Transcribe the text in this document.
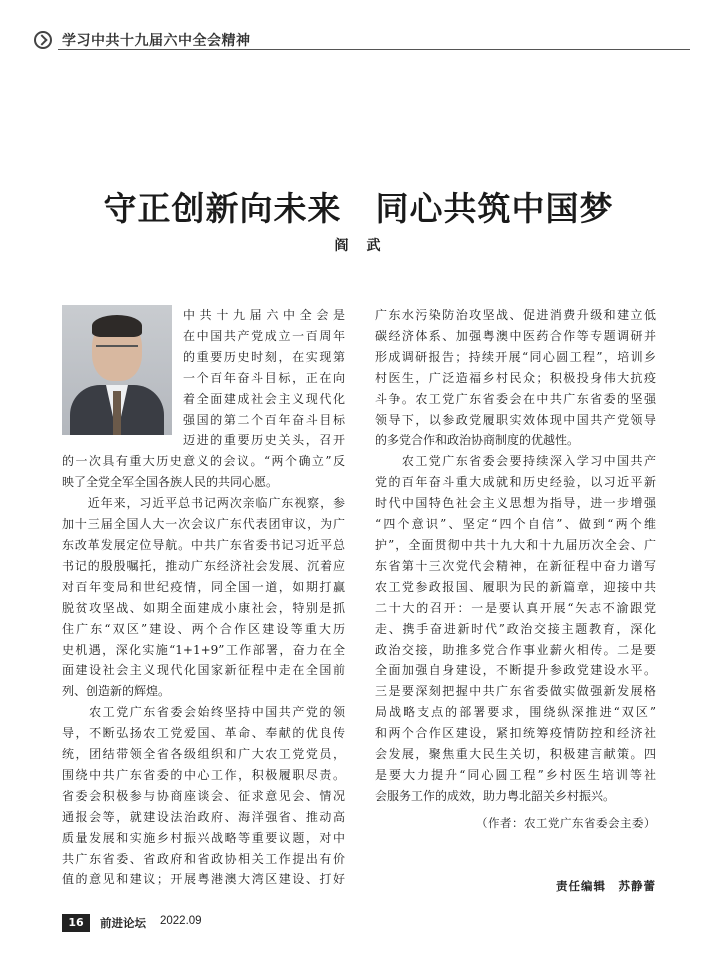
学习中共十九届六中全会精神
守正创新向未来　同心共筑中国梦
阎　武

中共十九届六中全会是

在中国共产党成立一百周年

的重要历史时刻，在实现第

一个百年奋斗目标，正在向

着全面建成社会主义现代化

强国的第二个百年奋斗目标

迈进的重要历史关头，召开

的一次具有重大历史意义的会议。“两个确立”反

映了全党全军全国各族人民的共同心愿。

　　近年来，习近平总书记两次亲临广东视察，参

加十三届全国人大一次会议广东代表团审议，为广

东改革发展定位导航。中共广东省委书记习近平总

书记的殷殷嘱托，推动广东经济社会发展、沉着应

对百年变局和世纪疫情，同全国一道，如期打赢

脱贫攻坚战、如期全面建成小康社会，特别是抓

住广东“双区”建设、两个合作区建设等重大历

史机遇，深化实施“1+1+9”工作部署，奋力在全

面建设社会主义现代化国家新征程中走在全国前

列、创造新的辉煌。

　　农工党广东省委会始终坚持中国共产党的领

导，不断弘扬农工党爱国、革命、奉献的优良传

统，团结带领全省各级组织和广大农工党党员，

围绕中共广东省委的中心工作，积极履职尽责。

省委会积极参与协商座谈会、征求意见会、情况

通报会等，就建设法治政府、海洋强省、推动高

质量发展和实施乡村振兴战略等重要议题，对中

共广东省委、省政府和省政协相关工作提出有价

值的意见和建议；开展粤港澳大湾区建设、打好

广东水污染防治攻坚战、促进消费升级和建立低

碳经济体系、加强粤澳中医药合作等专题调研并

形成调研报告；持续开展“同心圆工程”，培训乡

村医生，广泛造福乡村民众；积极投身伟大抗疫

斗争。农工党广东省委会在中共广东省委的坚强

领导下，以参政党履职实效体现中国共产党领导

的多党合作和政治协商制度的优越性。

　　农工党广东省委会要持续深入学习中国共产

党的百年奋斗重大成就和历史经验，以习近平新

时代中国特色社会主义思想为指导，进一步增强

“四个意识”、坚定“四个自信”、做到“两个维

护”，全面贯彻中共十九大和十九届历次全会、广

东省第十三次党代会精神，在新征程中奋力谱写

农工党参政报国、履职为民的新篇章，迎接中共

二十大的召开：一是要认真开展“矢志不渝跟党

走、携手奋进新时代”政治交接主题教育，深化

政治交接，助推多党合作事业薪火相传。二是要

全面加强自身建设，不断提升参政党建设水平。

三是要深刻把握中共广东省委做实做强新发展格

局战略支点的部署要求，围绕纵深推进“双区”

和两个合作区建设，紧扣统筹疫情防控和经济社

会发展，聚焦重大民生关切，积极建言献策。四

是要大力提升“同心圆工程”乡村医生培训等社

会服务工作的成效，助力粤北韶关乡村振兴。

（作者：农工党广东省委会主委）
责任编辑　苏静蕾
16	前进论坛 2022.09
